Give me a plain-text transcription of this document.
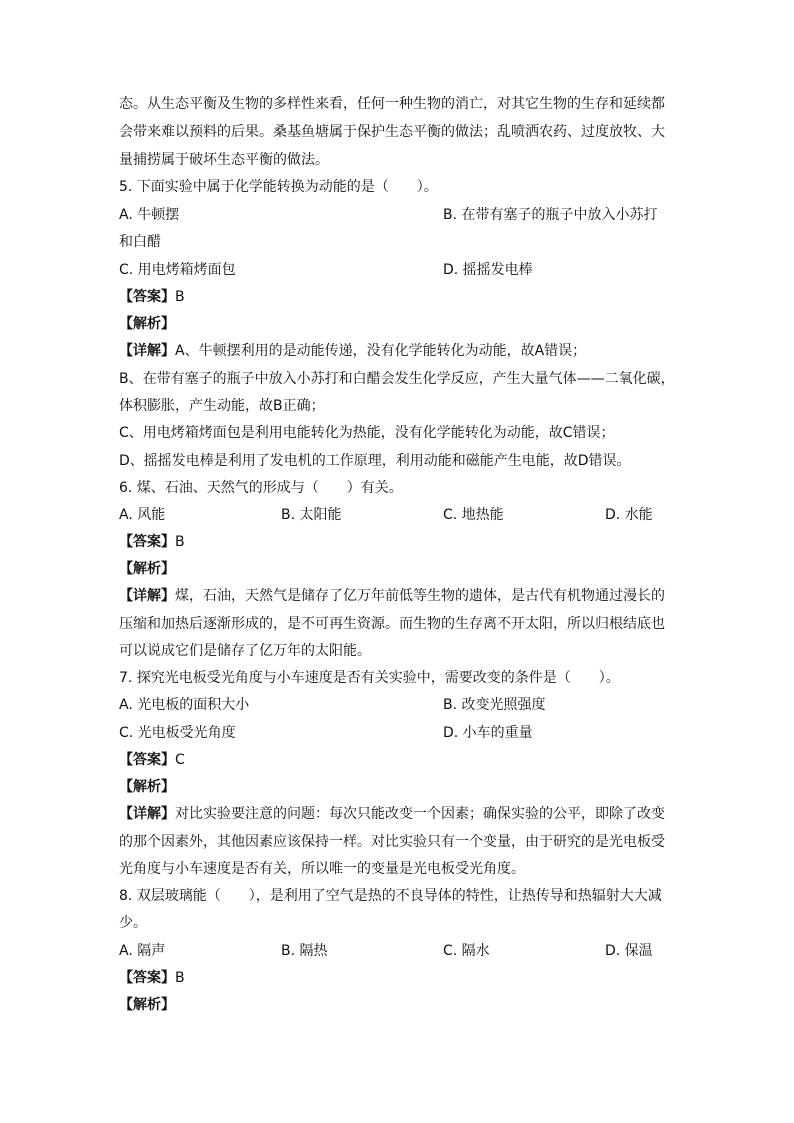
态。从生态平衡及生物的多样性来看，任何一种生物的消亡，对其它生物的生存和延续都
会带来难以预料的后果。桑基鱼塘属于保护生态平衡的做法；乱喷洒农药、过度放牧、大
量捕捞属于破坏生态平衡的做法。
5. 下面实验中属于化学能转换为动能的是（　　）。
A. 牛顿摆	B. 在带有塞子的瓶子中放入小苏打
和白醋
C. 用电烤箱烤面包	D. 摇摇发电棒
【答案】B
【解析】
【详解】A、牛顿摆利用的是动能传递，没有化学能转化为动能，故A错误；
B、在带有塞子的瓶子中放入小苏打和白醋会发生化学反应，产生大量气体——二氧化碳，
体积膨胀，产生动能，故B正确；
C、用电烤箱烤面包是利用电能转化为热能，没有化学能转化为动能，故C错误；
D、摇摇发电棒是利用了发电机的工作原理，利用动能和磁能产生电能，故D错误。
6. 煤、石油、天然气的形成与（　　）有关。
A. 风能	B. 太阳能	C. 地热能	D. 水能
【答案】B
【解析】
【详解】煤，石油，天然气是储存了亿万年前低等生物的遗体，是古代有机物通过漫长的
压缩和加热后逐渐形成的，是不可再生资源。而生物的生存离不开太阳，所以归根结底也
可以说成它们是储存了亿万年的太阳能。
7. 探究光电板受光角度与小车速度是否有关实验中，需要改变的条件是（　　）。
A. 光电板的面积大小	B. 改变光照强度
C. 光电板受光角度	D. 小车的重量
【答案】C
【解析】
【详解】对比实验要注意的问题：每次只能改变一个因素；确保实验的公平，即除了改变
的那个因素外，其他因素应该保持一样。对比实验只有一个变量，由于研究的是光电板受
光角度与小车速度是否有关，所以唯一的变量是光电板受光角度。
8. 双层玻璃能（　　），是利用了空气是热的不良导体的特性，让热传导和热辐射大大减
少。
A. 隔声	B. 隔热	C. 隔水	D. 保温
【答案】B
【解析】
